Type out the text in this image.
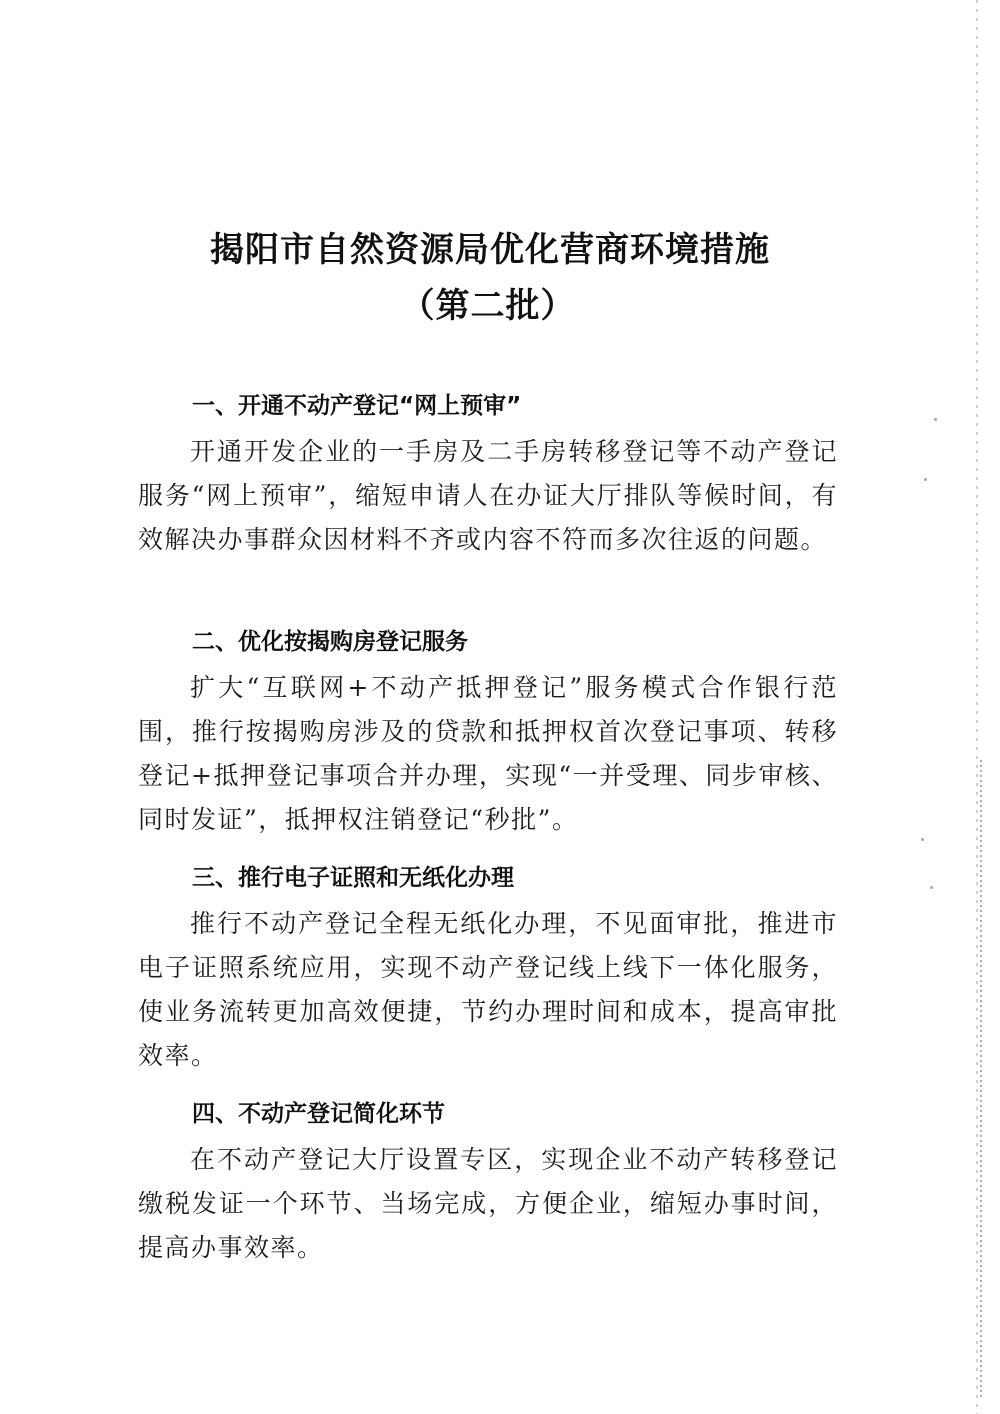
揭阳市自然资源局优化营商环境措施
（第二批）
一、开通不动产登记“网上预审”

开通开发企业的一手房及二手房转移登记等不动产登记服务“网上预审”，缩短申请人在办证大厅排队等候时间，有效解决办事群众因材料不齐或内容不符而多次往返的问题。

二、优化按揭购房登记服务

扩大“互联网+不动产抵押登记”服务模式合作银行范围，推行按揭购房涉及的贷款和抵押权首次登记事项、转移登记+抵押登记事项合并办理，实现“一并受理、同步审核、同时发证”，抵押权注销登记“秒批”。

三、推行电子证照和无纸化办理

推行不动产登记全程无纸化办理，不见面审批，推进市电子证照系统应用，实现不动产登记线上线下一体化服务，使业务流转更加高效便捷，节约办理时间和成本，提高审批效率。

四、不动产登记简化环节

在不动产登记大厅设置专区，实现企业不动产转移登记缴税发证一个环节、当场完成，方便企业，缩短办事时间，提高办事效率。
